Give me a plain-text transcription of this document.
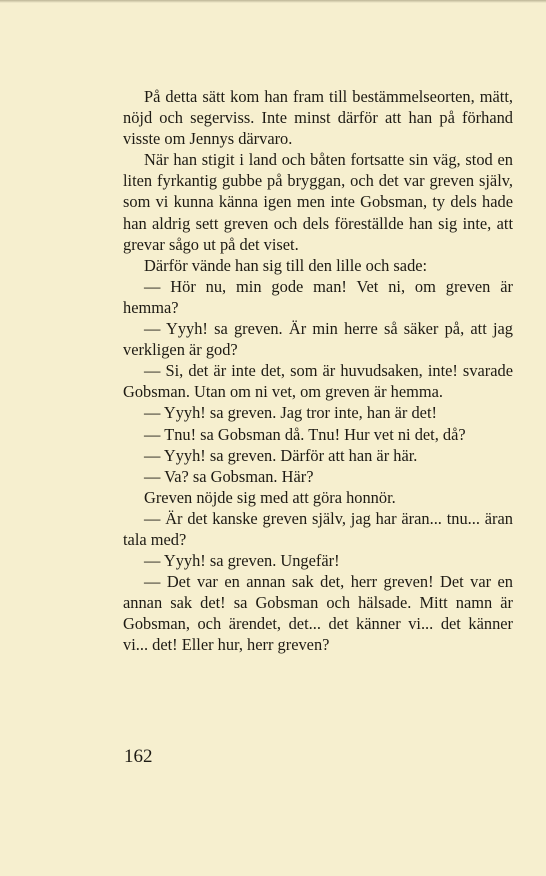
På detta sätt kom han fram till bestämmelseorten, mätt, nöjd och segerviss. Inte minst därför att han på förhand visste om Jennys därvaro.

När han stigit i land och båten fortsatte sin väg, stod en liten fyrkantig gubbe på bryggan, och det var greven själv, som vi kunna känna igen men inte Gobsman, ty dels hade han aldrig sett greven och dels föreställde han sig inte, att grevar sågo ut på det viset.

Därför vände han sig till den lille och sade:

— Hör nu, min gode man! Vet ni, om greven är hemma?

— Yyyh! sa greven. Är min herre så säker på, att jag verkligen är god?

— Si, det är inte det, som är huvudsaken, inte! svarade Gobsman. Utan om ni vet, om greven är hemma.

— Yyyh! sa greven. Jag tror inte, han är det!

— Tnu! sa Gobsman då. Tnu! Hur vet ni det, då?

— Yyyh! sa greven. Därför att han är här.

— Va? sa Gobsman. Här?

Greven nöjde sig med att göra honnör.

— Är det kanske greven själv, jag har äran... tnu... äran tala med?

— Yyyh! sa greven. Ungefär!

— Det var en annan sak det, herr greven! Det var en annan sak det! sa Gobsman och hälsade. Mitt namn är Gobsman, och ärendet, det... det känner vi... det känner vi... det! Eller hur, herr greven?

162
